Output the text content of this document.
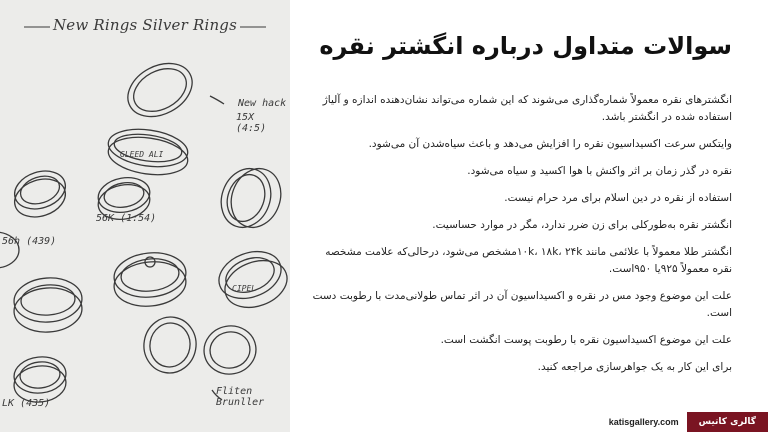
New Rings Silver Rings
New hack
15X (4:5)
56K (1:54)
56h (439)
LK (435)
Fliten Brunller
GLEED ALI
CIPEL
سوالات متداول درباره انگشتر نقره
انگشترهای نقره معمولاً شماره‌گذاری می‌شوند که این شماره می‌تواند نشان‌دهنده اندازه و آلیاژ استفاده شده در انگشتر باشد.
وایتکس سرعت اکسیداسیون نقره را افزایش می‌دهد و باعث سیاه‌شدن آن می‌شود.
نقره در گذر زمان بر اثر واکنش با هوا اکسید و سیاه می‌شود.
استفاده از نقره در دین اسلام برای مرد حرام نیست.
انگشتر نقره به‌طورکلی برای زن ضرر ندارد، مگر در موارد حساسیت.
انگشتر طلا معمولاً با علائمی مانند ۱۰k، ۱۸k، ۲۴kمشخص می‌شود، درحالی‌که علامت مشخصه نقره معمولاً ۹۲۵یا ۹۵۰است.
علت این موضوع وجود مس در نقره و اکسیداسیون آن در اثر تماس طولانی‌مدت با رطوبت دست است.
علت این موضوع اکسیداسیون نقره با رطوبت پوست انگشت است.
برای این کار به یک جواهرسازی مراجعه کنید.
katisgallery.com	گالری کاتیس
